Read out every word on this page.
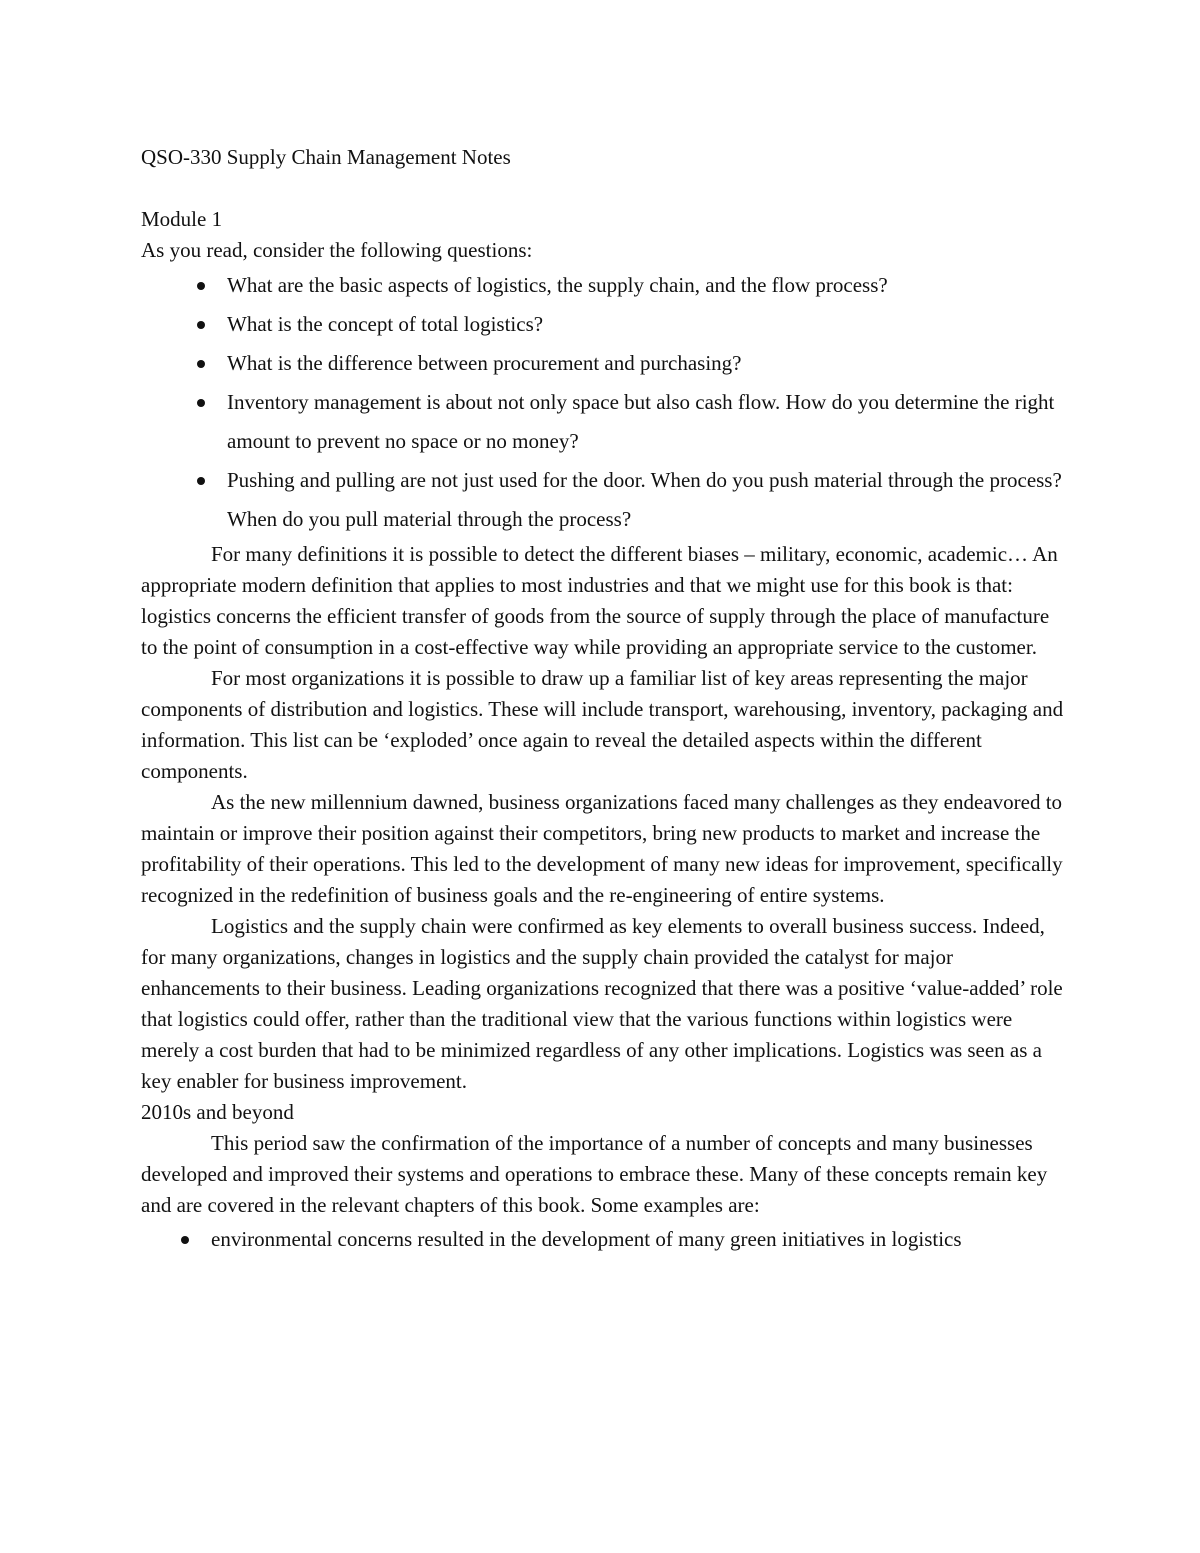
QSO-330 Supply Chain Management Notes
Module 1

As you read, consider the following questions:

What are the basic aspects of logistics, the supply chain, and the flow process?
What is the concept of total logistics?
What is the difference between procurement and purchasing?
Inventory management is about not only space but also cash flow. How do you determine the right amount to prevent no space or no money?
Pushing and pulling are not just used for the door. When do you push material through the process? When do you pull material through the process?

For many definitions it is possible to detect the different biases – military, economic, academic… An appropriate modern definition that applies to most industries and that we might use for this book is that: logistics concerns the efficient transfer of goods from the source of supply through the place of manufacture to the point of consumption in a cost-effective way while providing an appropriate service to the customer.

For most organizations it is possible to draw up a familiar list of key areas representing the major components of distribution and logistics. These will include transport, warehousing, inventory, packaging and information. This list can be ‘exploded’ once again to reveal the detailed aspects within the different components.

As the new millennium dawned, business organizations faced many challenges as they endeavored to maintain or improve their position against their competitors, bring new products to market and increase the profitability of their operations. This led to the development of many new ideas for improvement, specifically recognized in the redefinition of business goals and the re-engineering of entire systems.

Logistics and the supply chain were confirmed as key elements to overall business success. Indeed, for many organizations, changes in logistics and the supply chain provided the catalyst for major enhancements to their business. Leading organizations recognized that there was a positive ‘value-added’ role that logistics could offer, rather than the traditional view that the various functions within logistics were merely a cost burden that had to be minimized regardless of any other implications. Logistics was seen as a key enabler for business improvement.

2010s and beyond

This period saw the confirmation of the importance of a number of concepts and many businesses developed and improved their systems and operations to embrace these. Many of these concepts remain key and are covered in the relevant chapters of this book. Some examples are:

environmental concerns resulted in the development of many green initiatives in logistics
